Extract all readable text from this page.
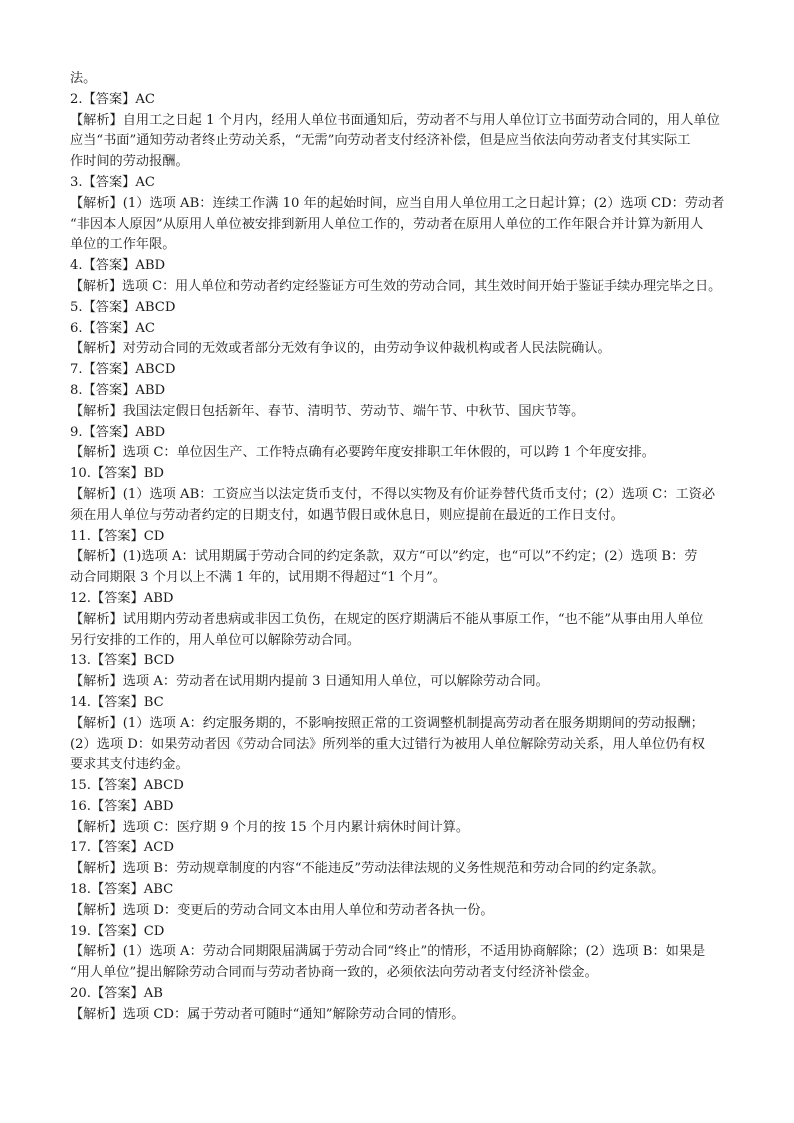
法。
2.【答案】AC
【解析】自用工之日起 1 个月内，经用人单位书面通知后，劳动者不与用人单位订立书面劳动合同的，用人单位
应当“书面”通知劳动者终止劳动关系，“无需”向劳动者支付经济补偿，但是应当依法向劳动者支付其实际工
作时间的劳动报酬。
3.【答案】AC
【解析】(1）选项 AB：连续工作满 10 年的起始时间，应当自用人单位用工之日起计算；(2）选项 CD：劳动者
“非因本人原因”从原用人单位被安排到新用人单位工作的，劳动者在原用人单位的工作年限合并计算为新用人
单位的工作年限。
4.【答案】ABD
【解析】选项 C：用人单位和劳动者约定经鉴证方可生效的劳动合同，其生效时间开始于鉴证手续办理完毕之日。
5.【答案】ABCD
6.【答案】AC
【解析】对劳动合同的无效或者部分无效有争议的，由劳动争议仲裁机构或者人民法院确认。
7.【答案】ABCD
8.【答案】ABD
【解析】我国法定假日包括新年、春节、清明节、劳动节、端午节、中秋节、国庆节等。
9.【答案】ABD
【解析】选项 C：单位因生产、工作特点确有必要跨年度安排职工年休假的，可以跨 1 个年度安排。
10.【答案】BD
【解析】(1）选项 AB：工资应当以法定货币支付，不得以实物及有价证券替代货币支付；(2）选项 C：工资必
须在用人单位与劳动者约定的日期支付，如遇节假日或休息日，则应提前在最近的工作日支付。
11.【答案】CD
【解析】(1)选项 A：试用期属于劳动合同的约定条款，双方“可以”约定，也“可以”不约定；(2）选项 B：劳
动合同期限 3 个月以上不满 1 年的，试用期不得超过“1 个月”。
12.【答案】ABD
【解析】试用期内劳动者患病或非因工负伤，在规定的医疗期满后不能从事原工作，“也不能”从事由用人单位
另行安排的工作的，用人单位可以解除劳动合同。
13.【答案】BCD
【解析】选项 A：劳动者在试用期内提前 3 日通知用人单位，可以解除劳动合同。
14.【答案】BC
【解析】(1）选项 A：约定服务期的，不影响按照正常的工资调整机制提高劳动者在服务期期间的劳动报酬；
(2）选项 D：如果劳动者因《劳动合同法》所列举的重大过错行为被用人单位解除劳动关系，用人单位仍有权
要求其支付违约金。
15.【答案】ABCD
16.【答案】ABD
【解析】选项 C：医疗期 9 个月的按 15 个月内累计病休时间计算。
17.【答案】ACD
【解析】选项 B：劳动规章制度的内容“不能违反”劳动法律法规的义务性规范和劳动合同的约定条款。
18.【答案】ABC
【解析】选项 D：变更后的劳动合同文本由用人单位和劳动者各执一份。
19.【答案】CD
【解析】(1）选项 A：劳动合同期限届满属于劳动合同“终止”的情形，不适用协商解除；(2）选项 B：如果是
“用人单位”提出解除劳动合同而与劳动者协商一致的，必须依法向劳动者支付经济补偿金。
20.【答案】AB
【解析】选项 CD：属于劳动者可随时“通知”解除劳动合同的情形。
